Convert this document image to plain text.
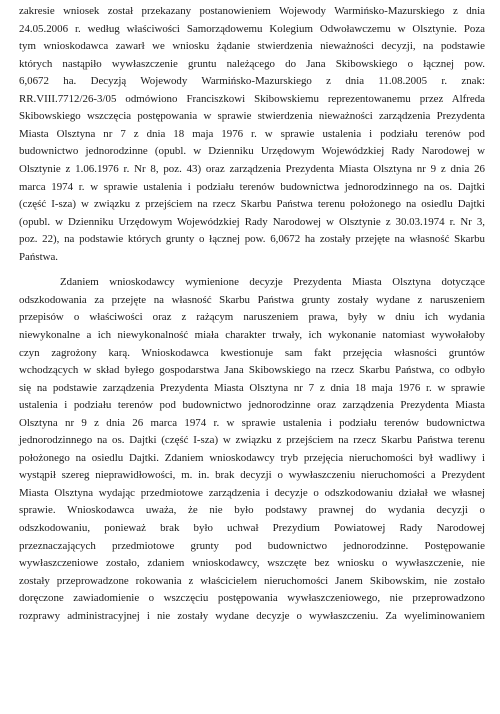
zakresie wniosek został przekazany postanowieniem Wojewody Warmińsko-Mazurskiego z dnia
24.05.2006 r. według właściwości Samorządowemu Kolegium Odwoławczemu w Olsztynie. Poza
tym wnioskodawca zawarł we wniosku żądanie stwierdzenia nieważności decyzji, na podstawie
których nastąpiło wywłaszczenie gruntu należącego do Jana Skibowskiego o łącznej pow.
6,0672 ha. Decyzją Wojewody Warmińsko-Mazurskiego z dnia 11.08.2005 r. znak:
RR.VIII.7712/26-3/05 odmówiono Franciszkowi Skibowskiemu reprezentowanemu przez Alfreda
Skibowskiego wszczęcia postępowania w sprawie stwierdzenia nieważności zarządzenia Prezydenta
Miasta Olsztyna nr 7 z dnia 18 maja 1976 r. w sprawie ustalenia i podziału terenów pod
budownictwo jednorodzinne (opubl. w Dzienniku Urzędowym Wojewódzkiej Rady Narodowej w
Olsztynie z 1.06.1976 r. Nr 8, poz. 43) oraz zarządzenia Prezydenta Miasta Olsztyna nr 9 z dnia 26
marca 1974 r. w sprawie ustalenia i podziału terenów budownictwa jednorodzinnego na os. Dajtki
(część I-sza) w związku z przejściem na rzecz Skarbu Państwa terenu położonego na osiedlu Dajtki
(opubl. w Dzienniku Urzędowym Wojewódzkiej Rady Narodowej w Olsztynie z 30.03.1974 r. Nr 3,
poz. 22), na podstawie których grunty o łącznej pow. 6,0672 ha zostały przejęte na własność Skarbu
Państwa.
Zdaniem wnioskodawcy wymienione decyzje Prezydenta Miasta Olsztyna dotyczące
odszkodowania za przejęte na własność Skarbu Państwa grunty zostały wydane z naruszeniem
przepisów o właściwości oraz z rażącym naruszeniem prawa, były w dniu ich wydania
niewykonalne a ich niewykonalność miała charakter trwały, ich wykonanie natomiast wywołałoby
czyn zagrożony karą. Wnioskodawca kwestionuje sam fakt przejęcia własności gruntów
wchodzących w skład byłego gospodarstwa Jana Skibowskiego na rzecz Skarbu Państwa, co odbyło
się na podstawie zarządzenia Prezydenta Miasta Olsztyna nr 7 z dnia 18 maja 1976 r. w sprawie
ustalenia i podziału terenów pod budownictwo jednorodzinne oraz zarządzenia Prezydenta Miasta
Olsztyna nr 9 z dnia 26 marca 1974 r. w sprawie ustalenia i podziału terenów budownictwa
jednorodzinnego na os. Dajtki (część I-sza) w związku z przejściem na rzecz Skarbu Państwa terenu
położonego na osiedlu Dajtki. Zdaniem wnioskodawcy tryb przejęcia nieruchomości był wadliwy i
wystąpił szereg nieprawidłowości, m. in. brak decyzji o wywłaszczeniu nieruchomości a Prezydent
Miasta Olsztyna wydając przedmiotowe zarządzenia i decyzje o odszkodowaniu działał we własnej
sprawie. Wnioskodawca uważa, że nie było podstawy prawnej do wydania decyzji o
odszkodowaniu, ponieważ brak było uchwał Prezydium Powiatowej Rady Narodowej
przeznaczających przedmiotowe grunty pod budownictwo jednorodzinne. Postępowanie
wywłaszczeniowe zostało, zdaniem wnioskodawcy, wszczęte bez wniosku o wywłaszczenie, nie
zostały przeprowadzone rokowania z właścicielem nieruchomości Janem Skibowskim, nie zostało
doręczone zawiadomienie o wszczęciu postępowania wywłaszczeniowego, nie przeprowadzono
rozprawy administracyjnej i nie zostały wydane decyzje o wywłaszczeniu. Za wyeliminowaniem
